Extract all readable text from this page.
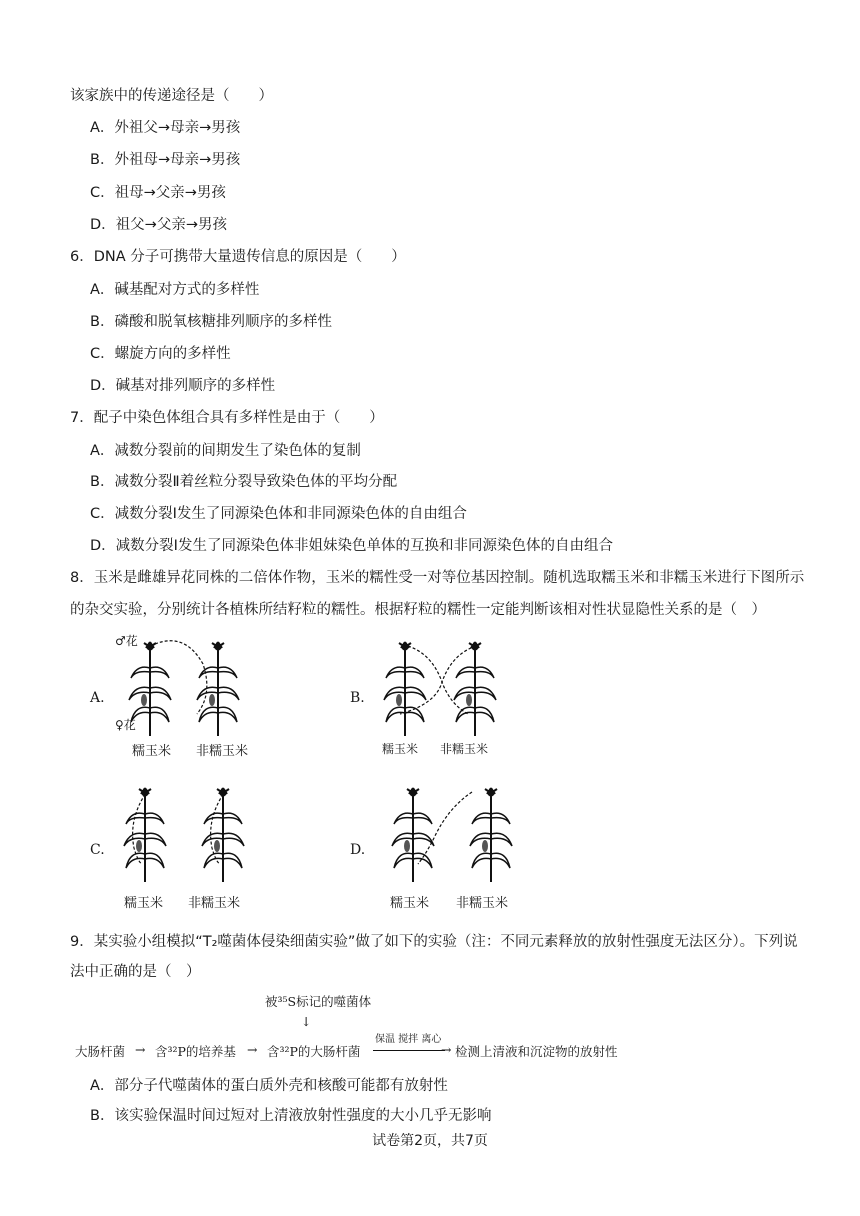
该家族中的传递途径是（　　）
A．外祖父→母亲→男孩
B．外祖母→母亲→男孩
C．祖母→父亲→男孩
D．祖父→父亲→男孩
6．DNA 分子可携带大量遗传信息的原因是（　　）
A．碱基配对方式的多样性
B．磷酸和脱氧核糖排列顺序的多样性
C．螺旋方向的多样性
D．碱基对排列顺序的多样性
7．配子中染色体组合具有多样性是由于（　　）
A．减数分裂前的间期发生了染色体的复制
B．减数分裂Ⅱ着丝粒分裂导致染色体的平均分配
C．减数分裂Ⅰ发生了同源染色体和非同源染色体的自由组合
D．减数分裂Ⅰ发生了同源染色体非姐妹染色单体的互换和非同源染色体的自由组合
8．玉米是雌雄异花同株的二倍体作物，玉米的糯性受一对等位基因控制。随机选取糯玉米和非糯玉米进行下图所示
的杂交实验，分别统计各植株所结籽粒的糯性。根据籽粒的糯性一定能判断该相对性状显隐性关系的是（　）
A.
♂花
♀花
糯玉米 非糯玉米
B.
糯玉米 非糯玉米
C.
糯玉米 非糯玉米
D.
糯玉米 非糯玉米
9．某实验小组模拟“T₂噬菌体侵染细菌实验”做了如下的实验（注：不同元素释放的放射性强度无法区分）。下列说
法中正确的是（　）
被³⁵S标记的噬菌体
↓
大肠杆菌 → 含³²P的培养基 → 含³²P的大肠杆菌
保温 搅拌 离心
→ 检测上清液和沉淀物的放射性
A．部分子代噬菌体的蛋白质外壳和核酸可能都有放射性
B．该实验保温时间过短对上清液放射性强度的大小几乎无影响
试卷第2页，共7页
